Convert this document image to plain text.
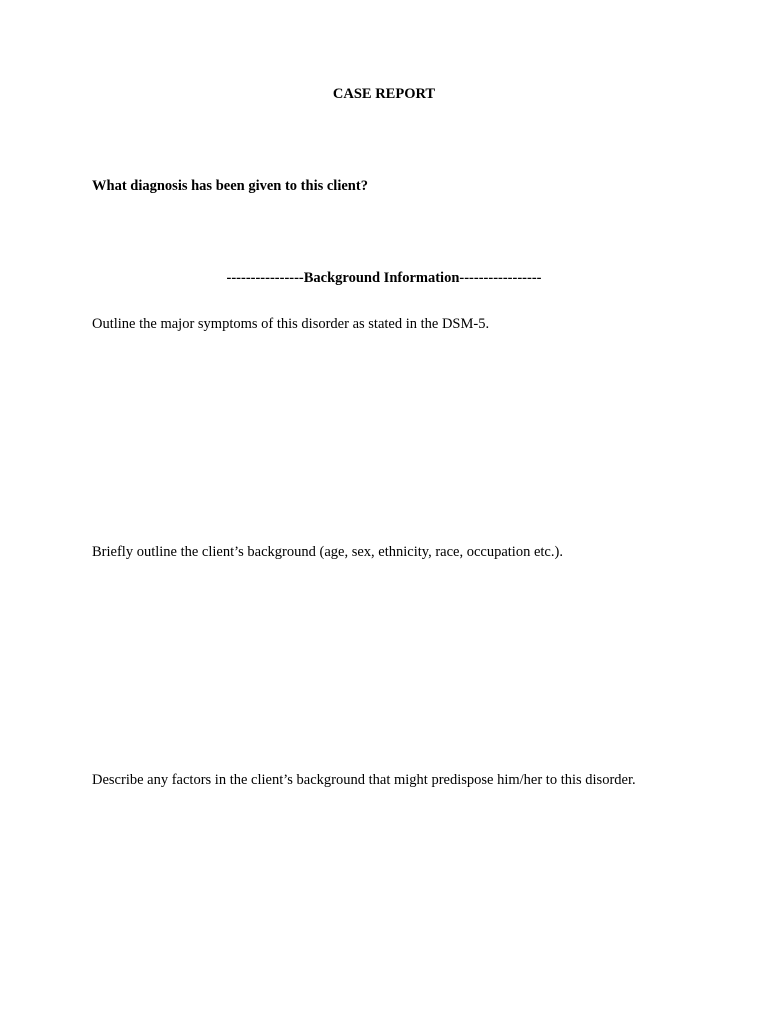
CASE REPORT
What diagnosis has been given to this client?
----------------Background Information-----------------
Outline the major symptoms of this disorder as stated in the DSM-5.
Briefly outline the client’s background (age, sex, ethnicity, race, occupation etc.).
Describe any factors in the client’s background that might predispose him/her to this disorder.
